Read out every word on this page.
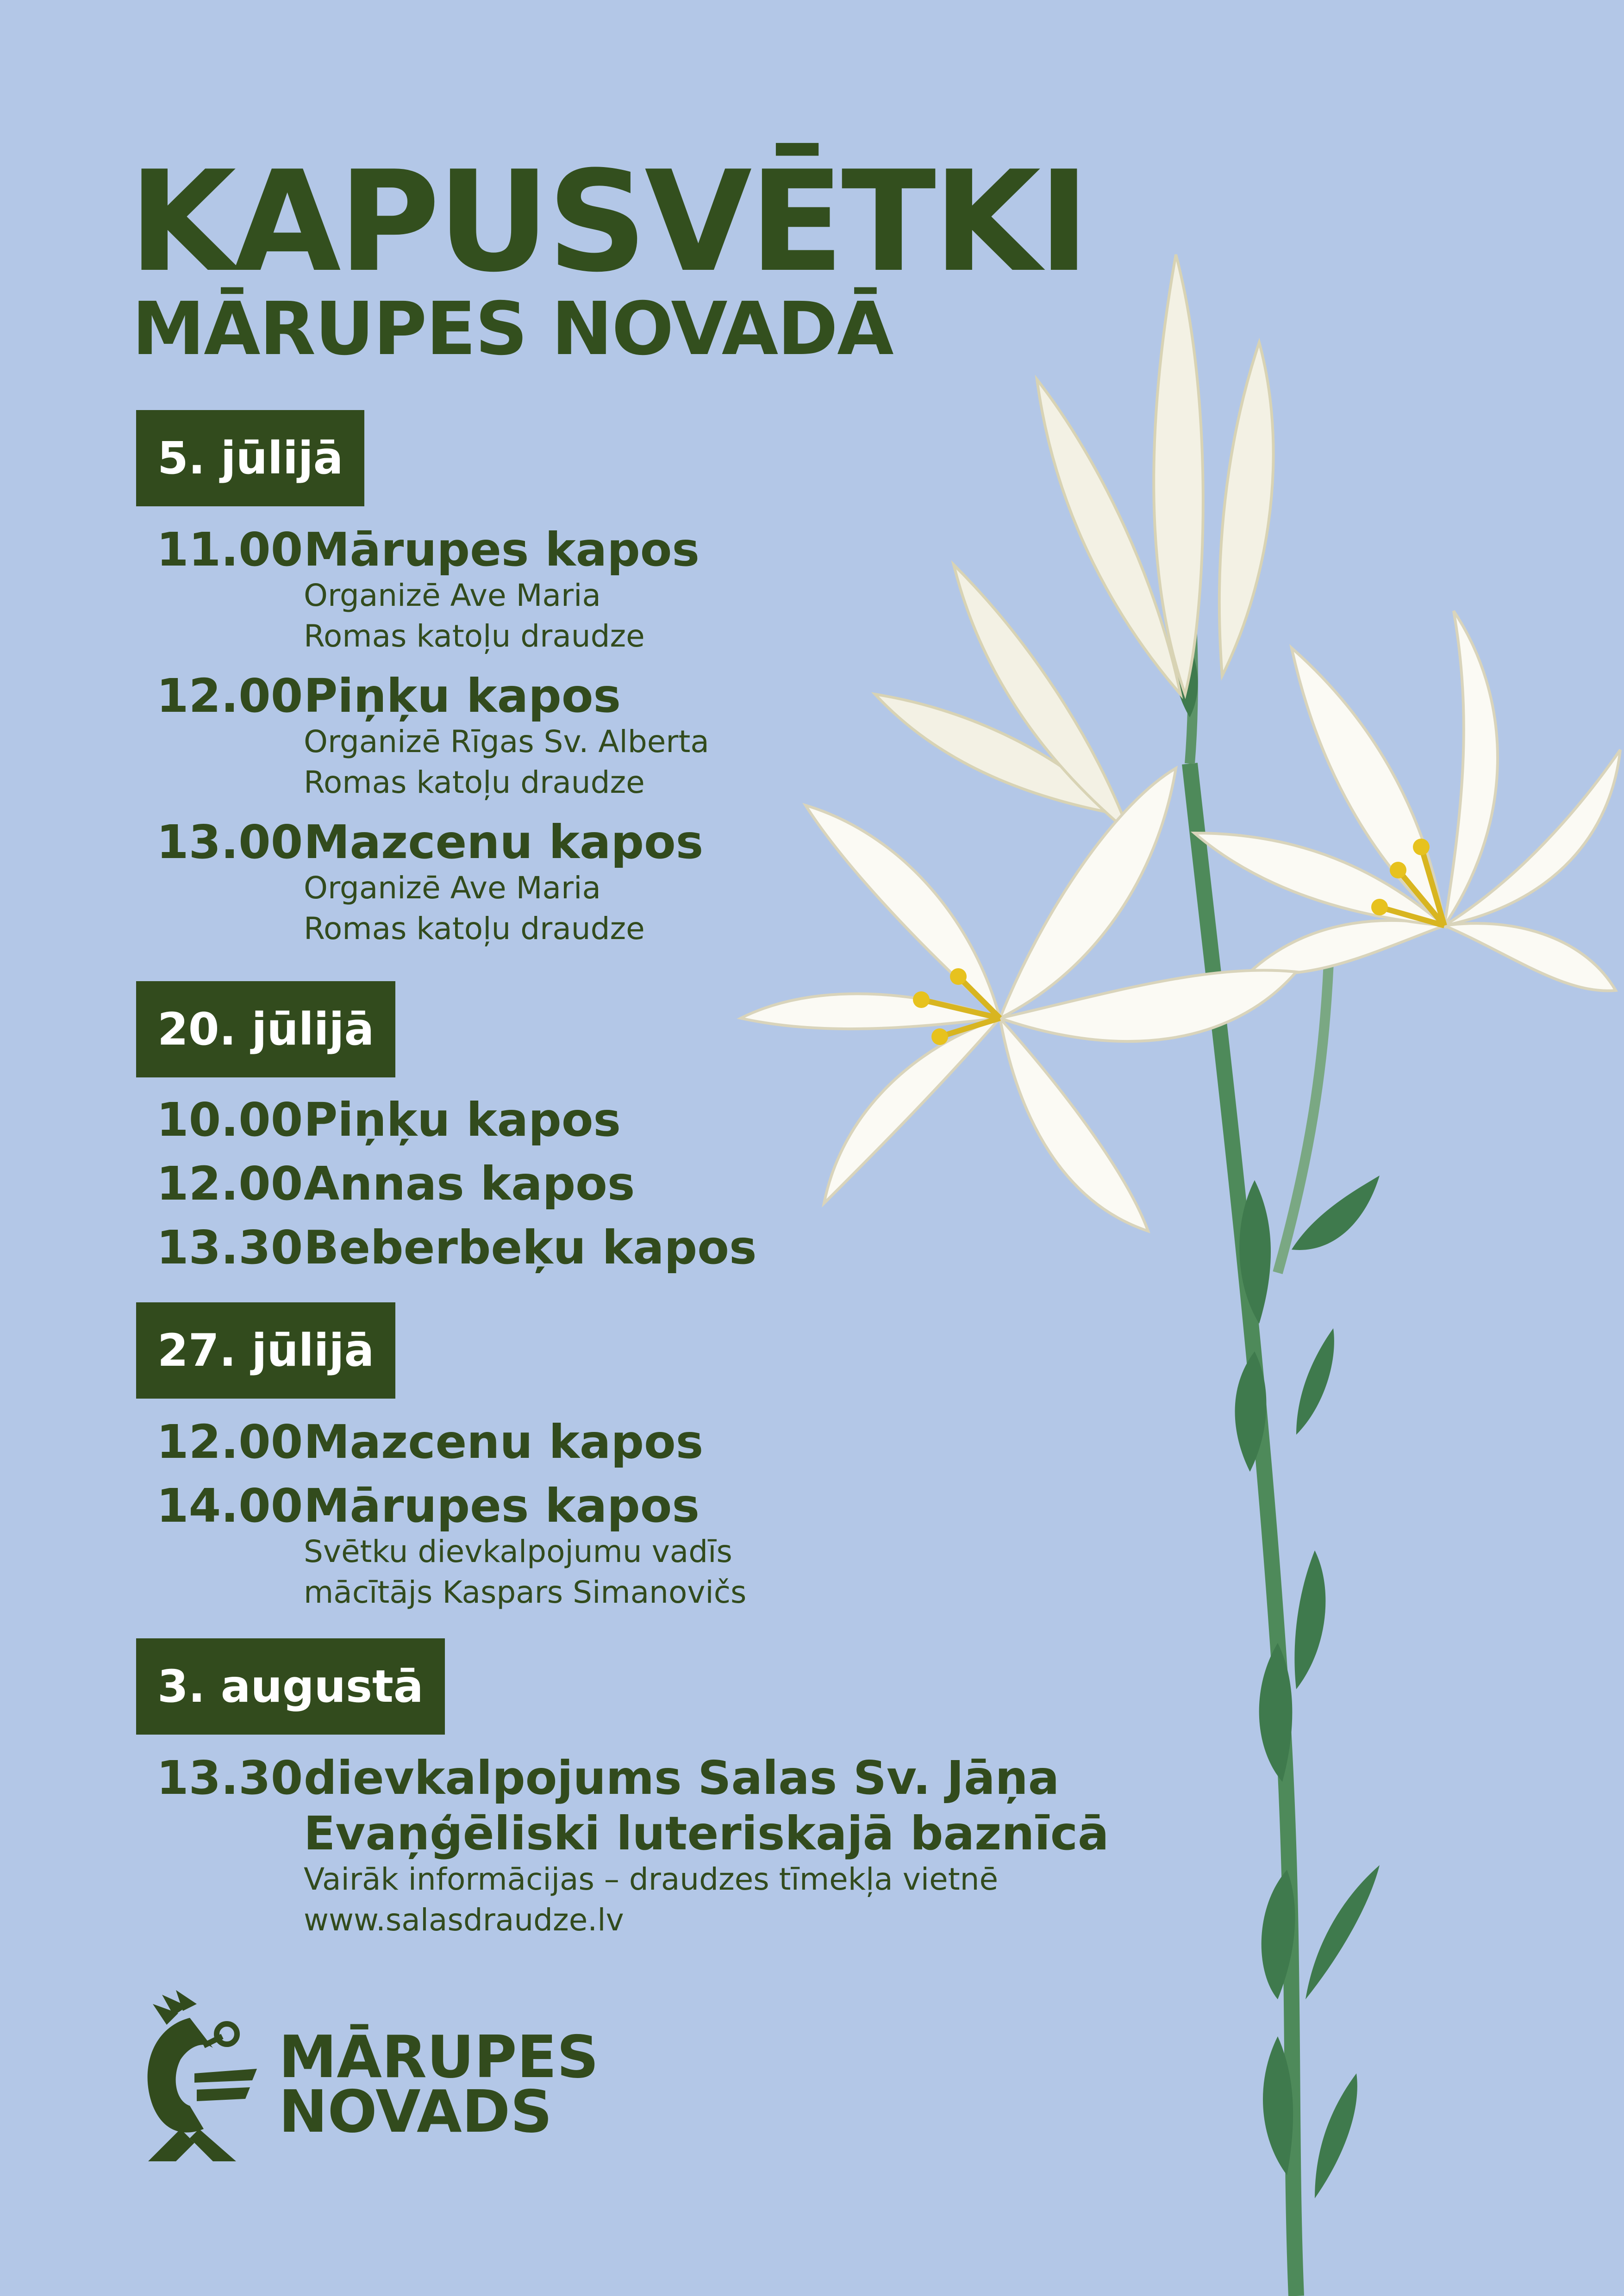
KAPUSVĒTKI
MĀRUPES NOVADĀ
5. jūlijā
11.00Mārupes kapos
Organizē Ave Maria
Romas katoļu draudze
12.00Piņķu kapos
Organizē Rīgas Sv. Alberta
Romas katoļu draudze
13.00Mazcenu kapos
Organizē Ave Maria
Romas katoļu draudze
20. jūlijā
10.00Piņķu kapos
12.00Annas kapos
13.30Beberbeķu kapos
27. jūlijā
12.00Mazcenu kapos
14.00Mārupes kapos
Svētku dievkalpojumu vadīs
mācītājs Kaspars Simanovičs
3. augustā
13.30dievkalpojums Salas Sv. Jāņa
Evaņģēliski luteriskajā baznīcā
Vairāk informācijas – draudzes tīmekļa vietnē
www.salasdraudze.lv
MĀRUPES
NOVADS
